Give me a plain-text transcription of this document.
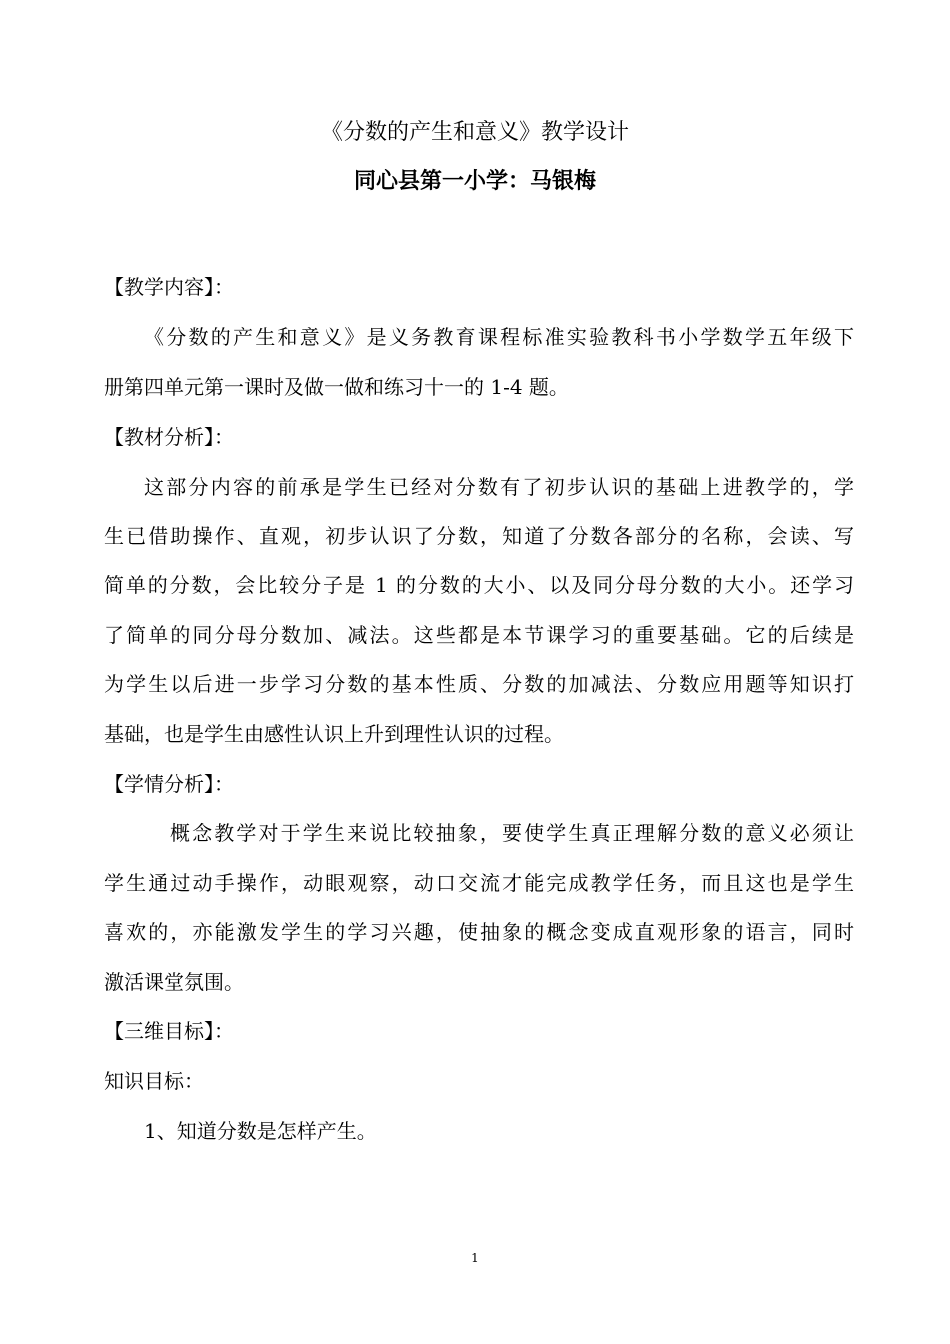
《分数的产生和意义》教学设计
同心县第一小学：马银梅
【教学内容】：
《分数的产生和意义》是义务教育课程标准实验教科书小学数学五年级下
册第四单元第一课时及做一做和练习十一的 1-4 题。
【教材分析】：
这部分内容的前承是学生已经对分数有了初步认识的基础上进教学的，学
生已借助操作、直观，初步认识了分数，知道了分数各部分的名称，会读、写
简单的分数，会比较分子是 1 的分数的大小、以及同分母分数的大小。还学习
了简单的同分母分数加、减法。这些都是本节课学习的重要基础。它的后续是
为学生以后进一步学习分数的基本性质、分数的加减法、分数应用题等知识打
基础，也是学生由感性认识上升到理性认识的过程。
【学情分析】：
概念教学对于学生来说比较抽象，要使学生真正理解分数的意义必须让
学生通过动手操作，动眼观察，动口交流才能完成教学任务，而且这也是学生
喜欢的，亦能激发学生的学习兴趣，使抽象的概念变成直观形象的语言，同时
激活课堂氛围。
【三维目标】：
知识目标：
1、知道分数是怎样产生。
1
